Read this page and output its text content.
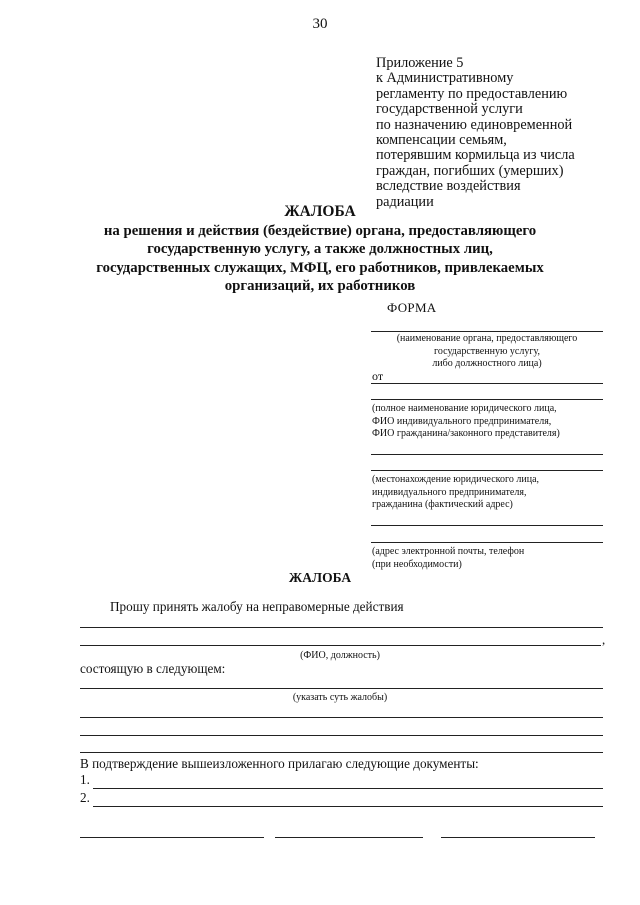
30
Приложение 5
к Административному
регламенту по предоставлению
государственной услуги
по назначению единовременной
компенсации семьям,
потерявшим кормильца из числа
граждан, погибших (умерших)
вследствие воздействия
радиации
ЖАЛОБА
на решения и действия (бездействие) органа, предоставляющего
государственную услугу, а также должностных лиц,
государственных служащих, МФЦ, его работников, привлекаемых
организаций, их работников
ФОРМА
(наименование органа, предоставляющего
государственную услугу,
либо должностного лица)
от
(полное наименование юридического лица,
ФИО индивидуального предпринимателя,
ФИО гражданина/законного представителя)
(местонахождение юридического лица,
индивидуального предпринимателя,
гражданина (фактический адрес)
(адрес электронной почты, телефон
(при необходимости)
ЖАЛОБА
Прошу принять жалобу на неправомерные действия
,
(ФИО, должность)
состоящую в следующем:
(указать суть жалобы)
В подтверждение вышеизложенного прилагаю следующие документы:
1.
2.
